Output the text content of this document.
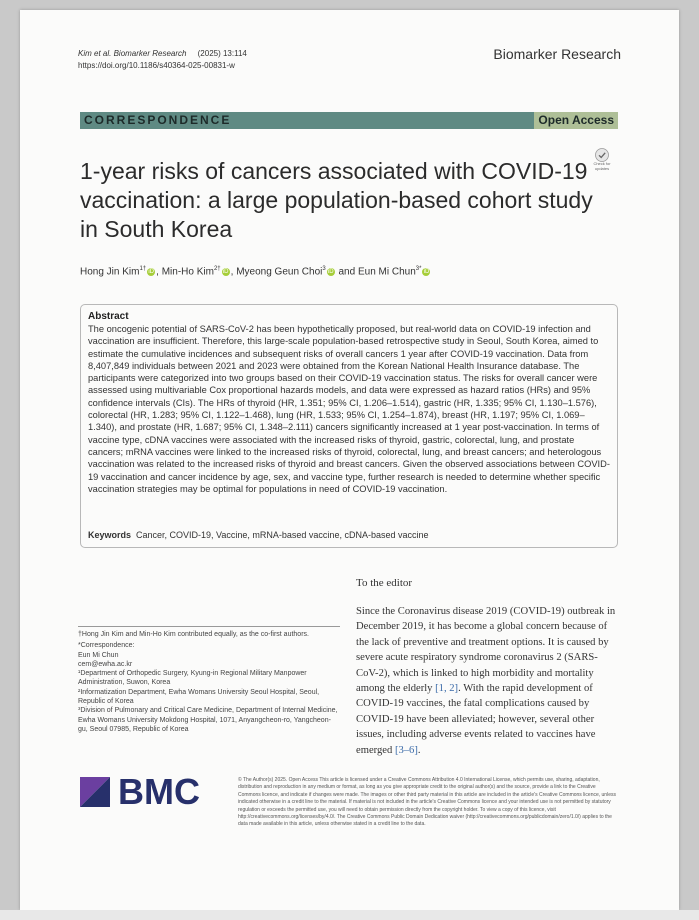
Kim et al. Biomarker Research (2025) 13:114
https://doi.org/10.1186/s40364-025-00831-w
Biomarker Research
CORRESPONDENCE	Open Access
Check for
updates
1-year risks of cancers associated with COVID-19 vaccination: a large population-based cohort study in South Korea
Hong Jin Kim$^{1\dagger}$ iD , Min-Ho Kim$^{2\dagger}$ iD , Myeong Geun Choi$^3$ iD and Eun Mi Chun$^{3*}$ iD
Abstract

The oncogenic potential of SARS-CoV-2 has been hypothetically proposed, but real-world data on COVID-19 infection and vaccination are insufficient. Therefore, this large-scale population-based retrospective study in Seoul, South Korea, aimed to estimate the cumulative incidences and subsequent risks of overall cancers 1 year after COVID-19 vaccination. Data from 8,407,849 individuals between 2021 and 2023 were obtained from the Korean National Health Insurance database. The participants were categorized into two groups based on their COVID-19 vaccination status. The risks for overall cancer were assessed using multivariable Cox proportional hazards models, and data were expressed as hazard ratios (HRs) and 95% confidence intervals (CIs). The HRs of thyroid (HR, 1.351; 95% CI, 1.206–1.514), gastric (HR, 1.335; 95% CI, 1.130–1.576), colorectal (HR, 1.283; 95% CI, 1.122–1.468), lung (HR, 1.533; 95% CI, 1.254–1.874), breast (HR, 1.197; 95% CI, 1.069–1.340), and prostate (HR, 1.687; 95% CI, 1.348–2.111) cancers significantly increased at 1 year post-vaccination. In terms of vaccine type, cDNA vaccines were associated with the increased risks of thyroid, gastric, colorectal, lung, and prostate cancers; mRNA vaccines were linked to the increased risks of thyroid, colorectal, lung, and breast cancers; and heterologous vaccination was related to the increased risks of thyroid and breast cancers. Given the observed associations between COVID-19 vaccination and cancer incidence by age, sex, and vaccine type, further research is needed to determine whether specific vaccination strategies may be optimal for populations in need of COVID-19 vaccination.

Keywords Cancer, COVID-19, Vaccine, mRNA-based vaccine, cDNA-based vaccine
To the editor

Since the Coronavirus disease 2019 (COVID-19) outbreak in December 2019, it has become a global concern because of the lack of preventive and treatment options. It is caused by severe acute respiratory syndrome coronavirus 2 (SARS-CoV-2), which is linked to high morbidity and mortality among the elderly [1, 2]. With the rapid development of COVID-19 vaccines, the fatal complications caused by COVID-19 have been alleviated; however, several other issues, including adverse events related to vaccines have emerged [3–6].

†Hong Jin Kim and Min-Ho Kim contributed equally, as the co-first authors.

*Correspondence:
Eun Mi Chun
cem@ewha.ac.kr
¹Department of Orthopedic Surgery, Kyung-in Regional Military Manpower Administration, Suwon, Korea
²Informatization Department, Ewha Womans University Seoul Hospital, Seoul, Republic of Korea
³Division of Pulmonary and Critical Care Medicine, Department of Internal Medicine, Ewha Womans University Mokdong Hospital, 1071, Anyangcheon-ro, Yangcheon-gu, Seoul 07985, Republic of Korea

BMC	© The Author(s) 2025. Open Access This article is licensed under a Creative Commons Attribution 4.0 International License, which permits use, sharing, adaptation, distribution and reproduction in any medium or format, as long as you give appropriate credit to the original author(s) and the source, provide a link to the Creative Commons licence, and indicate if changes were made. The images or other third party material in this article are included in the article's Creative Commons licence, unless indicated otherwise in a credit line to the material. If material is not included in the article's Creative Commons licence and your intended use is not permitted by statutory regulation or exceeds the permitted use, you will need to obtain permission directly from the copyright holder. To view a copy of this licence, visit http://creativecommons.org/licenses/by/4.0/. The Creative Commons Public Domain Dedication waiver (http://creativecommons.org/publicdomain/zero/1.0/) applies to the data made available in this article, unless otherwise stated in a credit line to the data.
